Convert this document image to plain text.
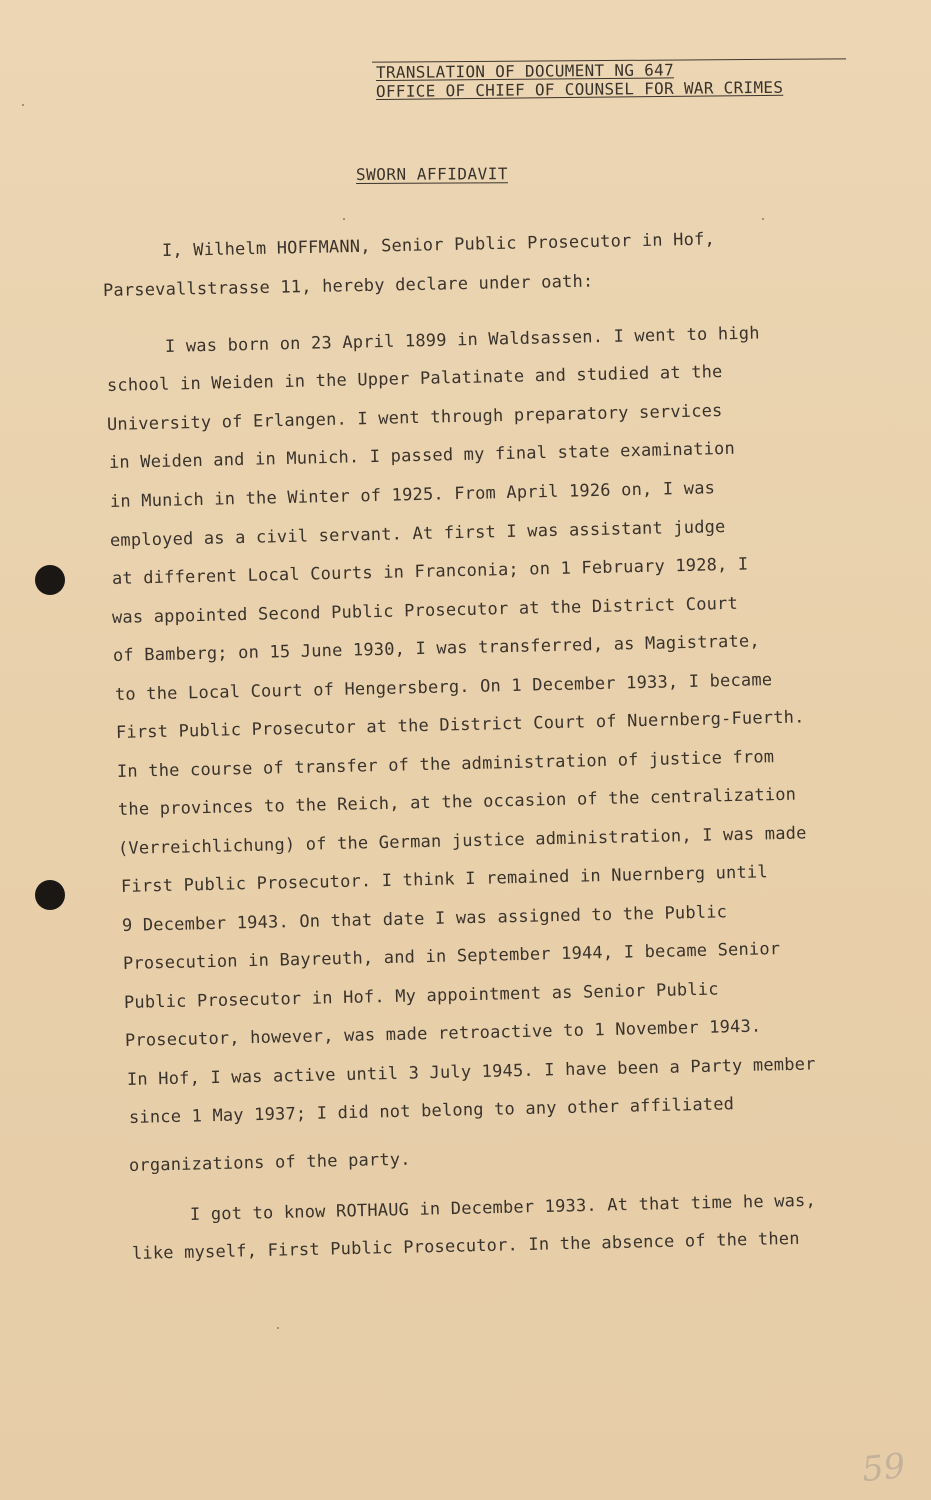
TRANSLATION OF DOCUMENT NG 647
OFFICE OF CHIEF OF COUNSEL FOR WAR CRIMES
SWORN AFFIDAVIT
I, Wilhelm HOFFMANN, Senior Public Prosecutor in Hof,
Parsevallstrasse 11, hereby declare under oath:
I was born on 23 April 1899 in Waldsassen. I went to high
school in Weiden in the Upper Palatinate and studied at the
University of Erlangen. I went through preparatory services
in Weiden and in Munich. I passed my final state examination
in Munich in the Winter of 1925. From April 1926 on, I was
employed as a civil servant. At first I was assistant judge
at different Local Courts in Franconia; on 1 February 1928, I
was appointed Second Public Prosecutor at the District Court
of Bamberg; on 15 June 1930, I was transferred, as Magistrate,
to the Local Court of Hengersberg. On 1 December 1933, I became
First Public Prosecutor at the District Court of Nuernberg-Fuerth.
In the course of transfer of the administration of justice from
the provinces to the Reich, at the occasion of the centralization
(Verreichlichung) of the German justice administration, I was made
First Public Prosecutor. I think I remained in Nuernberg until
9 December 1943. On that date I was assigned to the Public
Prosecution in Bayreuth, and in September 1944, I became Senior
Public Prosecutor in Hof. My appointment as Senior Public
Prosecutor, however, was made retroactive to 1 November 1943.
In Hof, I was active until 3 July 1945. I have been a Party member
since 1 May 1937; I did not belong to any other affiliated
organizations of the party.
I got to know ROTHAUG in December 1933. At that time he was,
like myself, First Public Prosecutor. In the absence of the then
59
